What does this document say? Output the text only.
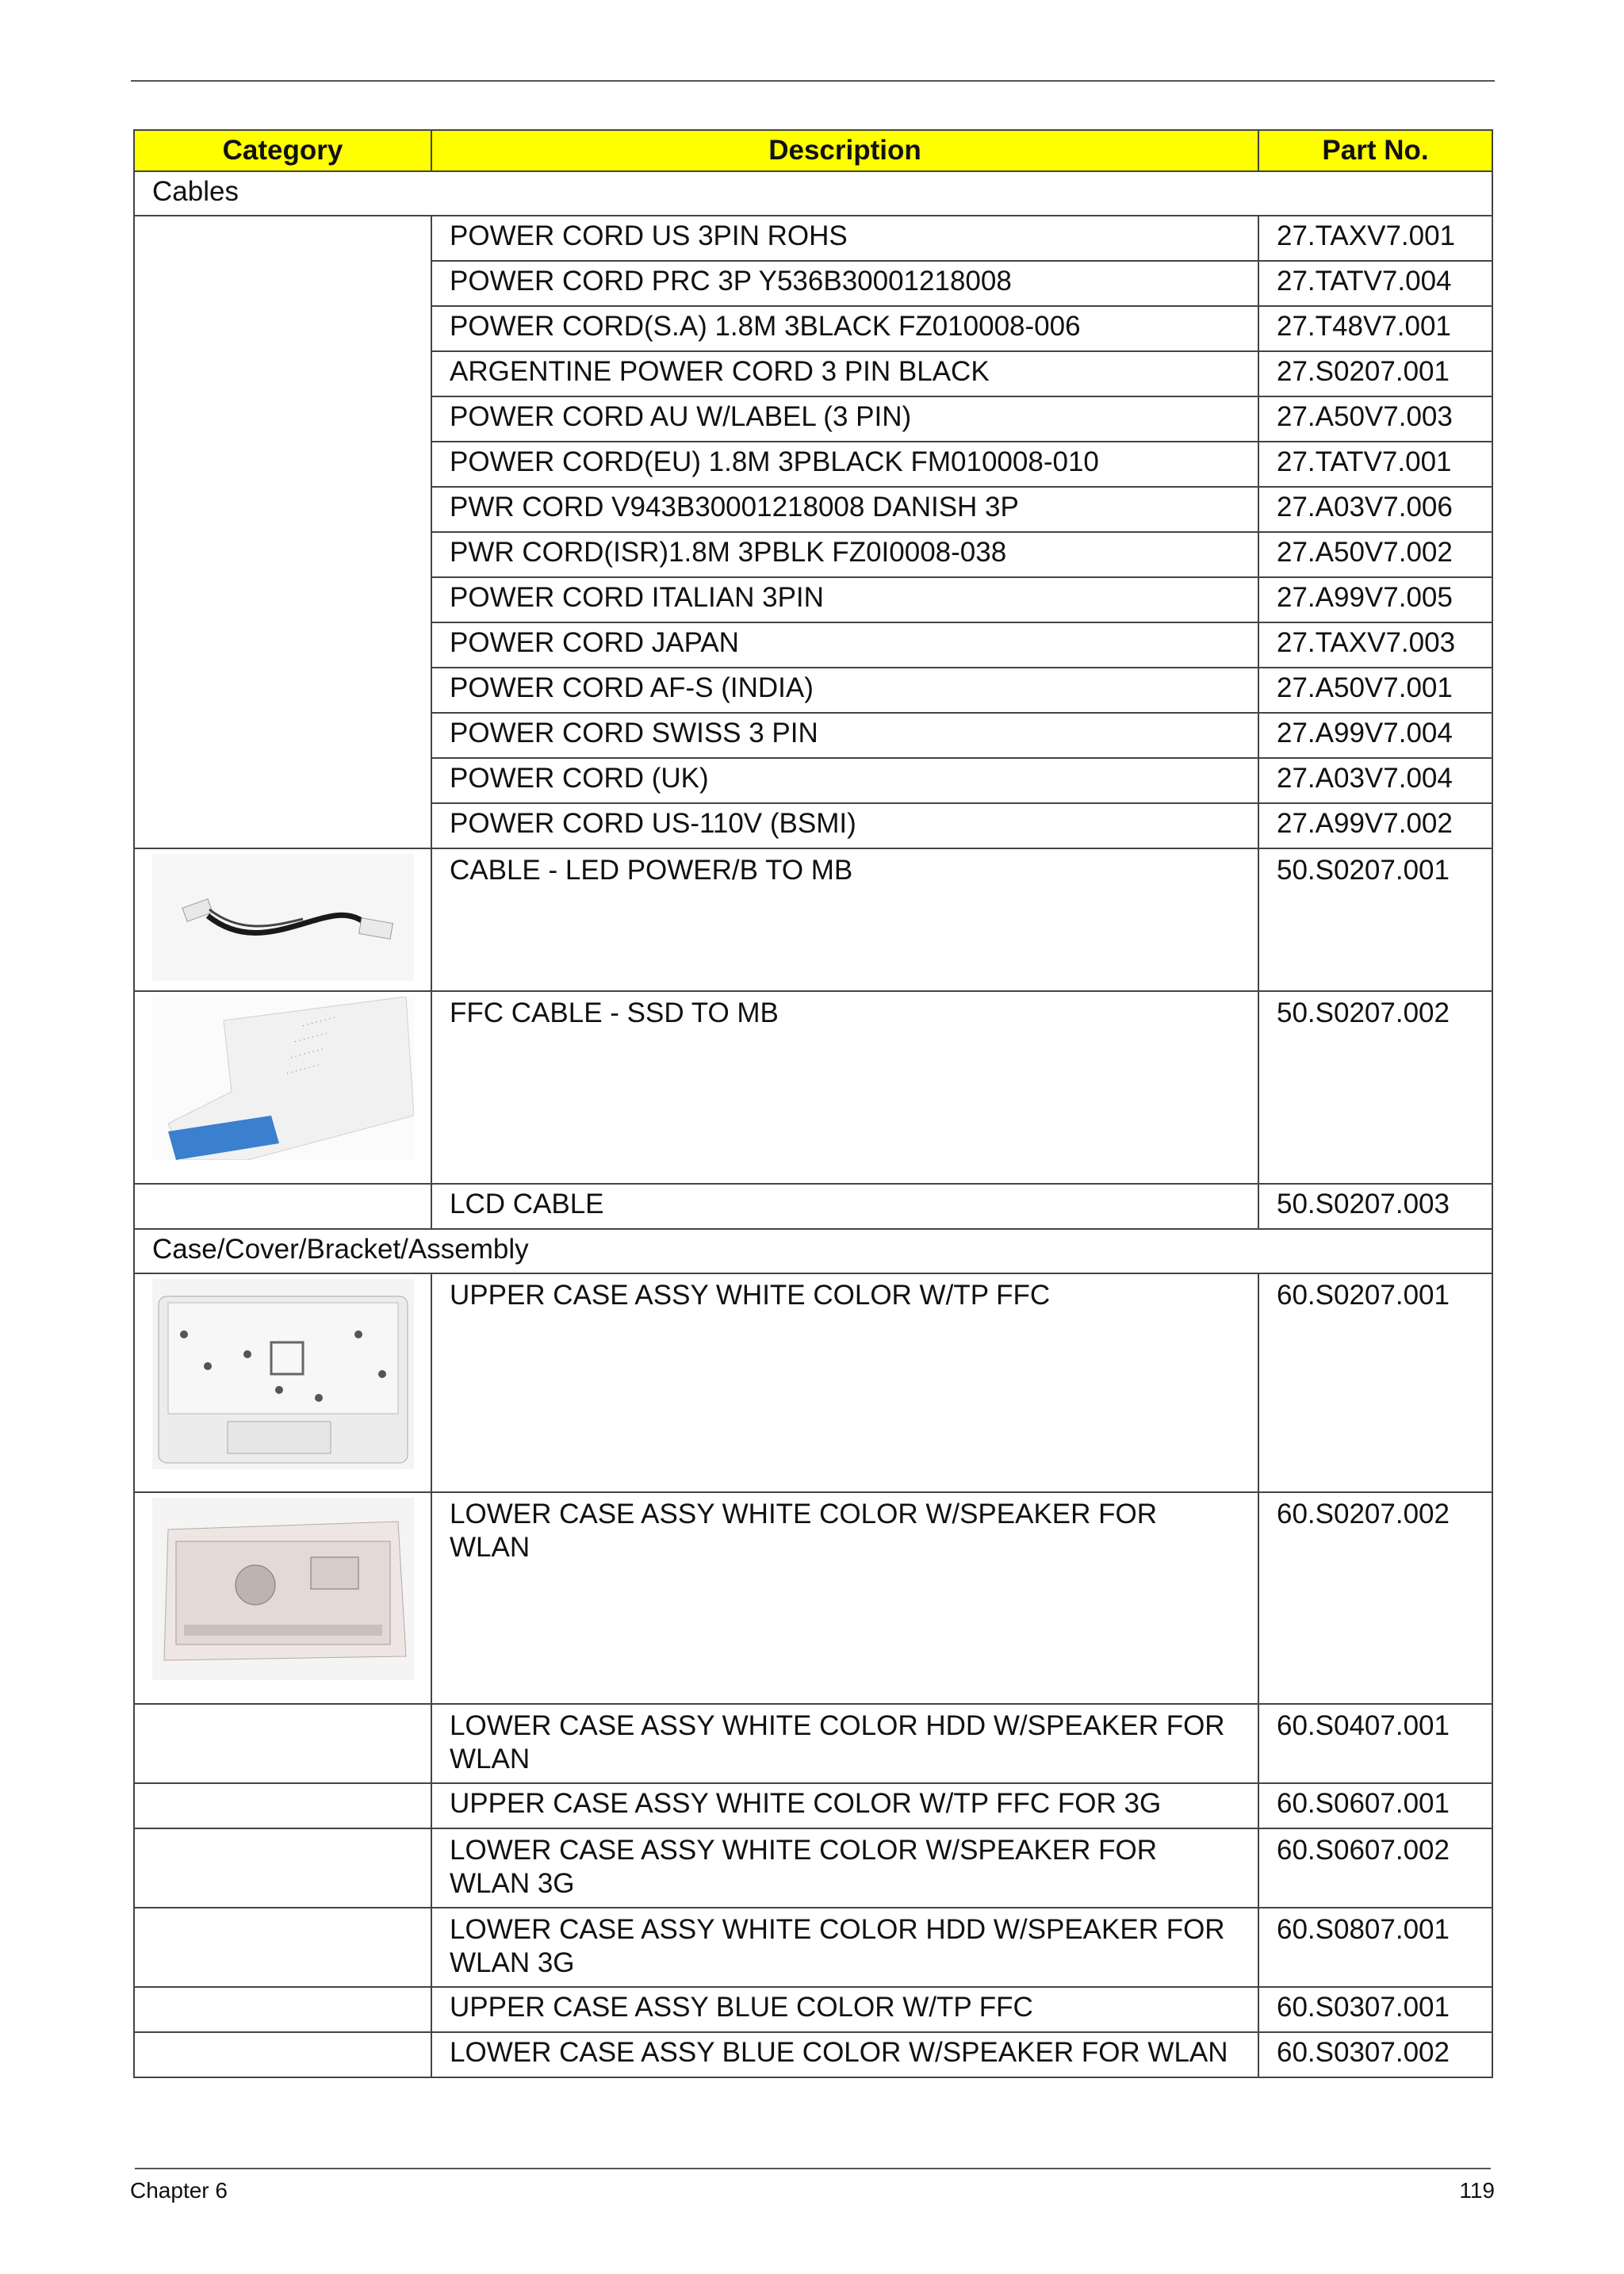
Category	Description	Part No.
Cables		
	POWER CORD US 3PIN ROHS	27.TAXV7.001
	POWER CORD PRC 3P Y536B30001218008	27.TATV7.004
	POWER CORD(S.A) 1.8M 3BLACK FZ010008-006	27.T48V7.001
	ARGENTINE POWER CORD 3 PIN BLACK	27.S0207.001
	POWER CORD AU W/LABEL (3 PIN)	27.A50V7.003
	POWER CORD(EU) 1.8M 3PBLACK FM010008-010	27.TATV7.001
	PWR CORD V943B30001218008 DANISH 3P	27.A03V7.006
	PWR CORD(ISR)1.8M 3PBLK FZ0I0008-038	27.A50V7.002
	POWER CORD ITALIAN 3PIN	27.A99V7.005
	POWER CORD JAPAN	27.TAXV7.003
	POWER CORD AF-S (INDIA)	27.A50V7.001
	POWER CORD SWISS 3 PIN	27.A99V7.004
	POWER CORD (UK)	27.A03V7.004
	POWER CORD US-110V (BSMI)	27.A99V7.002

	CABLE - LED POWER/B TO MB	50.S0207.001

· · · · · · · ·
· · · · · · · ·
· · · · · · · ·
· · · · · · · ·	FFC CABLE - SSD TO MB	50.S0207.002
	LCD CABLE	50.S0207.003
Case/Cover/Bracket/Assembly		

	UPPER CASE ASSY WHITE COLOR W/TP FFC	60.S0207.001

	LOWER CASE ASSY WHITE COLOR W/SPEAKER FOR WLAN	60.S0207.002
	LOWER CASE ASSY WHITE COLOR HDD W/SPEAKER FOR WLAN	60.S0407.001
	UPPER CASE ASSY WHITE COLOR W/TP FFC FOR 3G	60.S0607.001
	LOWER CASE ASSY WHITE COLOR W/SPEAKER FOR WLAN 3G	60.S0607.002
	LOWER CASE ASSY WHITE COLOR HDD W/SPEAKER FOR WLAN 3G	60.S0807.001
	UPPER CASE ASSY BLUE COLOR W/TP FFC	60.S0307.001
	LOWER CASE ASSY BLUE COLOR W/SPEAKER FOR WLAN	60.S0307.002
Chapter 6	119
